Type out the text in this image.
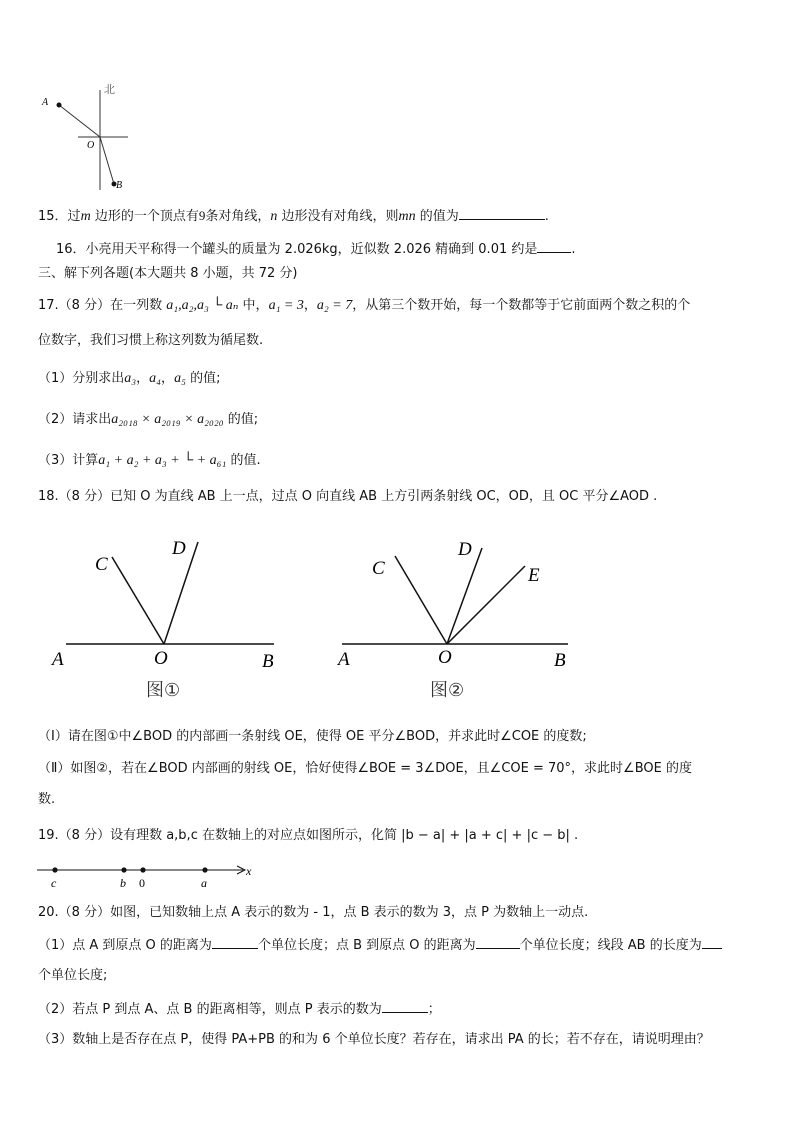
北
A
O
B
15．过m 边形的一个顶点有9条对角线，n 边形没有对角线，则mn 的值为	.
16．小亮用天平称得一个罐头的质量为 2.026kg，近似数 2.026 精确到 0.01 约是	.
三、解下列各题(本大题共 8 小题，共 72 分)
17.（8 分）在一列数 a₁,a₂,a₃ └ aₙ 中，a₁ = 3，a₂ = 7，从第三个数开始，每一个数都等于它前面两个数之积的个
位数字，我们习惯上称这列数为循尾数.
（1）分别求出a₃，a₄，a₅ 的值;
（2）请求出a₂₀₁₈ × a₂₀₁₉ × a₂₀₂₀ 的值;
（3）计算a₁ + a₂ + a₃ + └ + a₆₁ 的值.
18.（8 分）已知 O 为直线 AB 上一点，过点 O 向直线 AB 上方引两条射线 OC，OD，且 OC 平分∠AOD .
C
D
A	O	B
图①
C
D
E
A	O	B
图②
（Ⅰ）请在图①中∠BOD 的内部画一条射线 OE，使得 OE 平分∠BOD，并求此时∠COE 的度数;
（Ⅱ）如图②，若在∠BOD 内部画的射线 OE，恰好使得∠BOE = 3∠DOE，且∠COE = 70°，求此时∠BOE 的度
数.
19.（8 分）设有理数 a,b,c 在数轴上的对应点如图所示，化简 |b − a| + |a + c| + |c − b| .
c	b 0	a
x
20.（8 分）如图，已知数轴上点 A 表示的数为 - 1，点 B 表示的数为 3，点 P 为数轴上一动点.
（1）点 A 到原点 O 的距离为	个单位长度；点 B 到原点 O 的距离为	个单位长度；线段 AB 的长度为
个单位长度;
（2）若点 P 到点 A、点 B 的距离相等，则点 P 表示的数为	；
（3）数轴上是否存在点 P，使得 PA+PB 的和为 6 个单位长度？若存在，请求出 PA 的长；若不存在，请说明理由？
